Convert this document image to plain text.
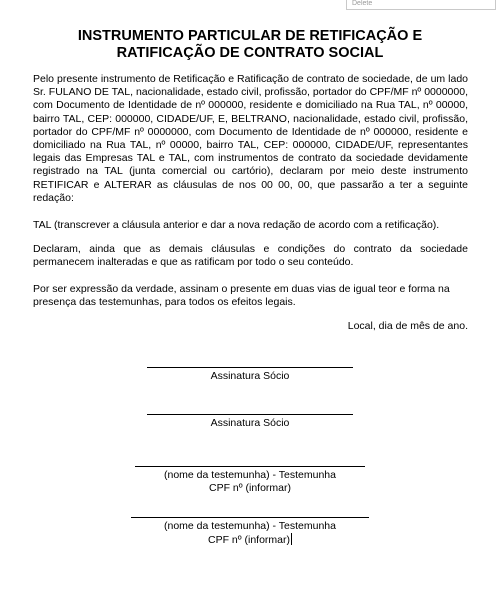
Delete
INSTRUMENTO PARTICULAR DE RETIFICAÇÃO E
RATIFICAÇÃO DE CONTRATO SOCIAL

Pelo presente instrumento de Retificação e Ratificação de contrato de sociedade, de um lado Sr. FULANO DE TAL, nacionalidade, estado civil, profissão, portador do CPF/MF nº 0000000, com Documento de Identidade de nº 000000, residente e domiciliado na Rua TAL, nº 00000, bairro TAL, CEP: 000000, CIDADE/UF, E, BELTRANO, nacionalidade, estado civil, profissão, portador do CPF/MF nº 0000000, com Documento de Identidade de nº 000000, residente e domiciliado na Rua TAL, nº 00000, bairro TAL, CEP: 000000, CIDADE/UF, representantes legais das Empresas TAL e TAL, com instrumentos de contrato da sociedade devidamente registrado na TAL (junta comercial ou cartório), declaram por meio deste instrumento RETIFICAR e ALTERAR as cláusulas de nos 00 00, 00, que passarão a ter a seguinte redação:

TAL (transcrever a cláusula anterior e dar a nova redação de acordo com a retificação).

Declaram, ainda que as demais cláusulas e condições do contrato da sociedade permanecem inalteradas e que as ratificam por todo o seu conteúdo.

Por ser expressão da verdade, assinam o presente em duas vias de igual teor e forma na presença das testemunhas, para todos os efeitos legais.

Local, dia de mês de ano.

Assinatura Sócio
Assinatura Sócio
(nome da testemunha) - Testemunha
CPF nº (informar)
(nome da testemunha) - Testemunha
CPF nº (informar)
